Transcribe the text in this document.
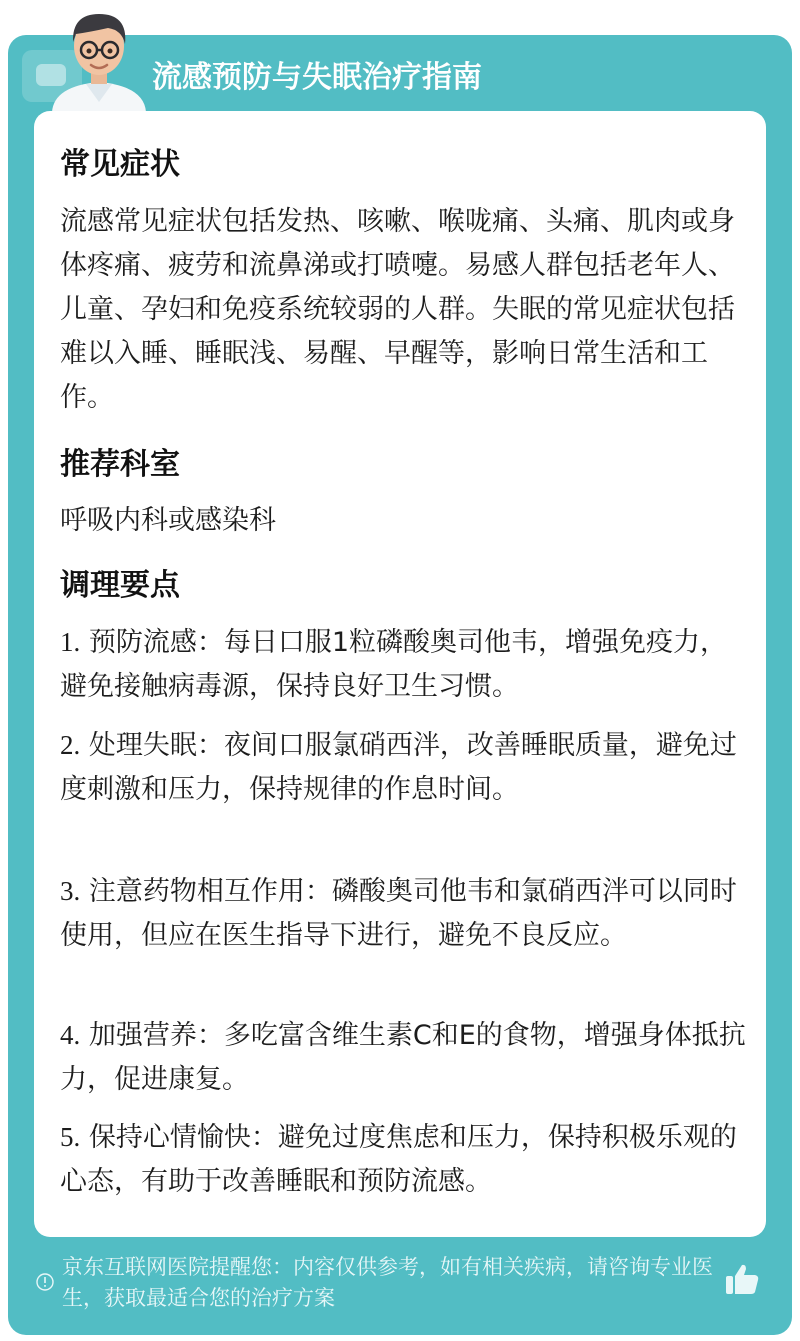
流感预防与失眠治疗指南
常见症状
流感常见症状包括发热、咳嗽、喉咙痛、头痛、肌肉或身体疼痛、疲劳和流鼻涕或打喷嚏。易感人群包括老年人、儿童、孕妇和免疫系统较弱的人群。失眠的常见症状包括难以入睡、睡眠浅、易醒、早醒等，影响日常生活和工作。
推荐科室
呼吸内科或感染科
调理要点
1. 预防流感：每日口服1粒磷酸奥司他韦，增强免疫力，避免接触病毒源，保持良好卫生习惯。
2. 处理失眠：夜间口服氯硝西泮，改善睡眠质量，避免过度刺激和压力，保持规律的作息时间。
3. 注意药物相互作用：磷酸奥司他韦和氯硝西泮可以同时使用，但应在医生指导下进行，避免不良反应。
4. 加强营养：多吃富含维生素C和E的食物，增强身体抵抗力，促进康复。
5. 保持心情愉快：避免过度焦虑和压力，保持积极乐观的心态，有助于改善睡眠和预防流感。
京东互联网医院提醒您：内容仅供参考，如有相关疾病，请咨询专业医生，获取最适合您的治疗方案
